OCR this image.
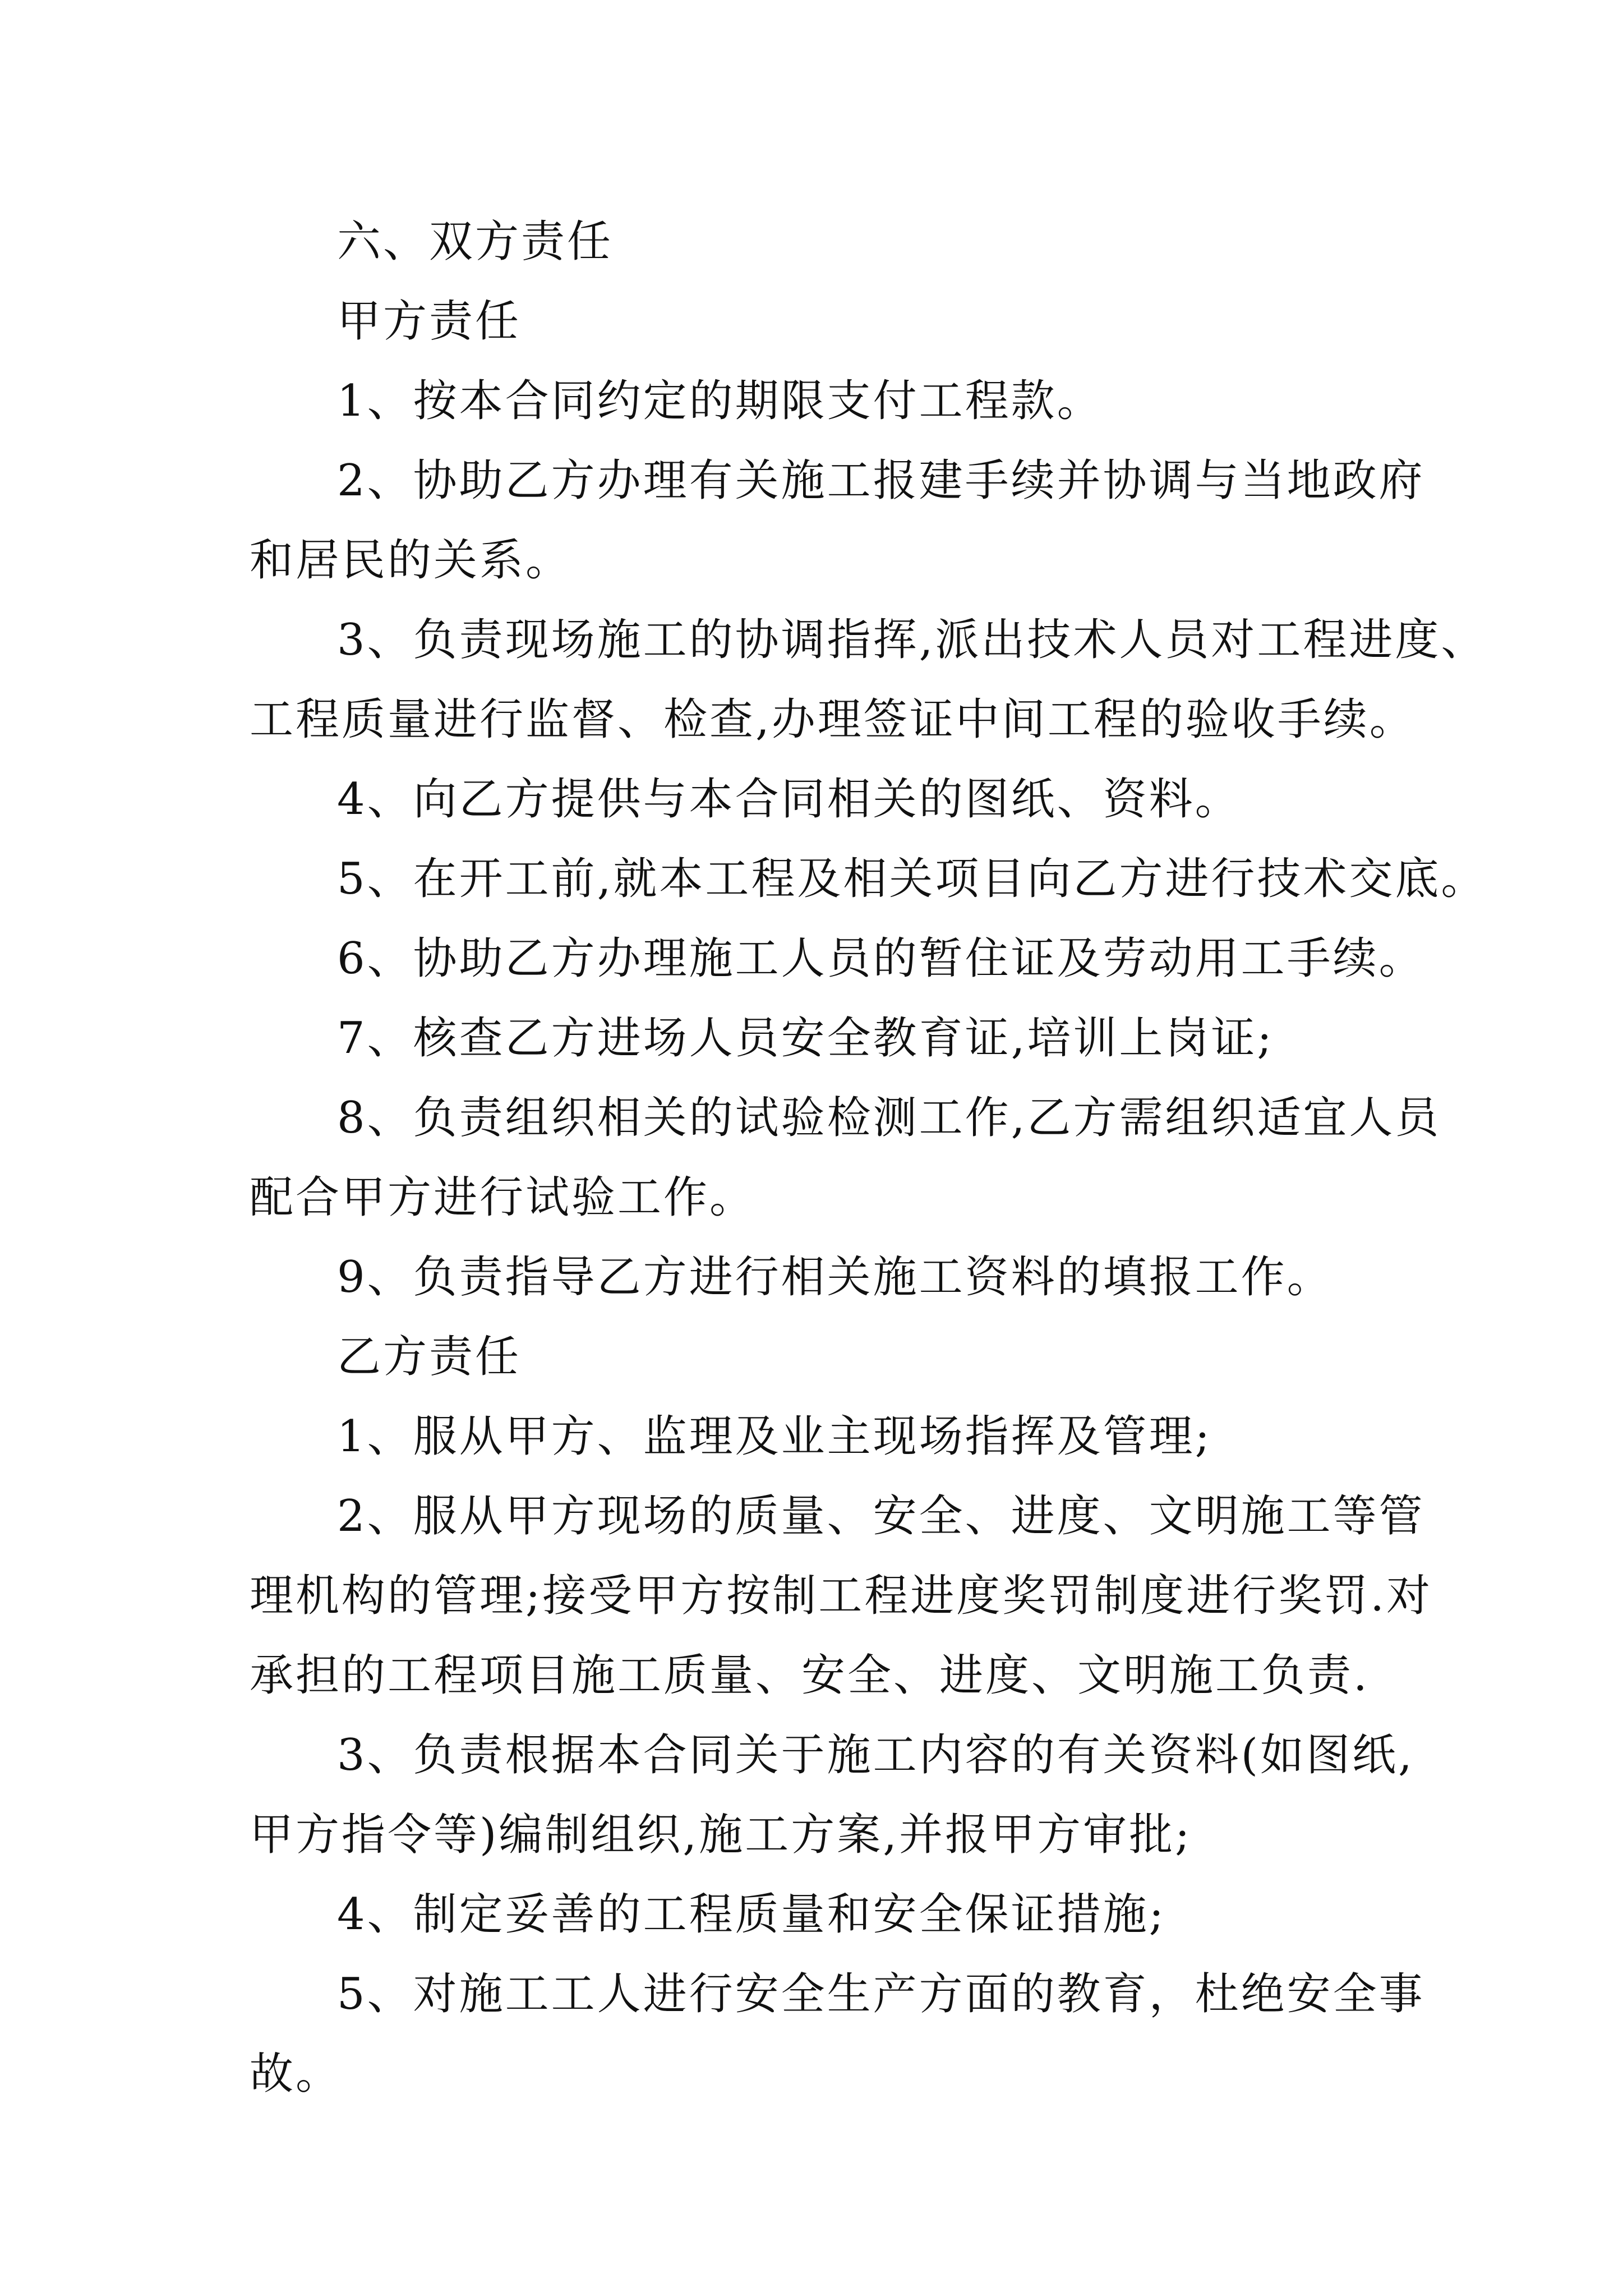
六、双方责任
甲方责任
1、按本合同约定的期限支付工程款。
2、协助乙方办理有关施工报建手续并协调与当地政府
和居民的关系。
3、负责现场施工的协调指挥,派出技术人员对工程进度、
工程质量进行监督、检查,办理签证中间工程的验收手续。
4、向乙方提供与本合同相关的图纸、资料。
5、在开工前,就本工程及相关项目向乙方进行技术交底。
6、协助乙方办理施工人员的暂住证及劳动用工手续。
7、核查乙方进场人员安全教育证,培训上岗证;
8、负责组织相关的试验检测工作,乙方需组织适宜人员
配合甲方进行试验工作。
9、负责指导乙方进行相关施工资料的填报工作。
乙方责任
1、服从甲方、监理及业主现场指挥及管理;
2、服从甲方现场的质量、安全、进度、文明施工等管
理机构的管理;接受甲方按制工程进度奖罚制度进行奖罚.对
承担的工程项目施工质量、安全、进度、文明施工负责.
3、负责根据本合同关于施工内容的有关资料(如图纸,
甲方指令等)编制组织,施工方案,并报甲方审批;
4、制定妥善的工程质量和安全保证措施;
5、对施工工人进行安全生产方面的教育，杜绝安全事
故。
